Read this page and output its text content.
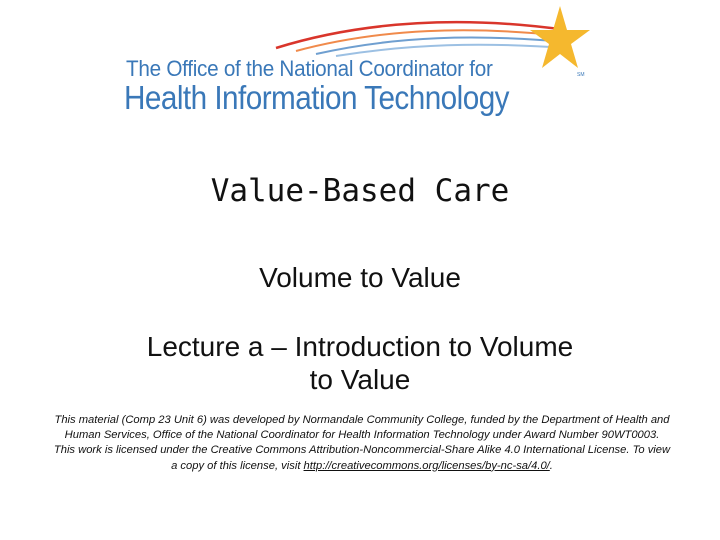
The Office of the National Coordinator for
Health Information Technology
SM
Value-Based Care
Volume to Value
Lecture a – Introduction to Volume
to Value
This material (Comp 23 Unit 6) was developed by Normandale Community College, funded by the Department of Health and Human Services, Office of the National Coordinator for Health Information Technology under Award Number 90WT0003.
This work is licensed under the Creative Commons Attribution-Noncommercial-Share Alike 4.0 International License. To view a copy of this license, visit http://creativecommons.org/licenses/by-nc-sa/4.0/.
